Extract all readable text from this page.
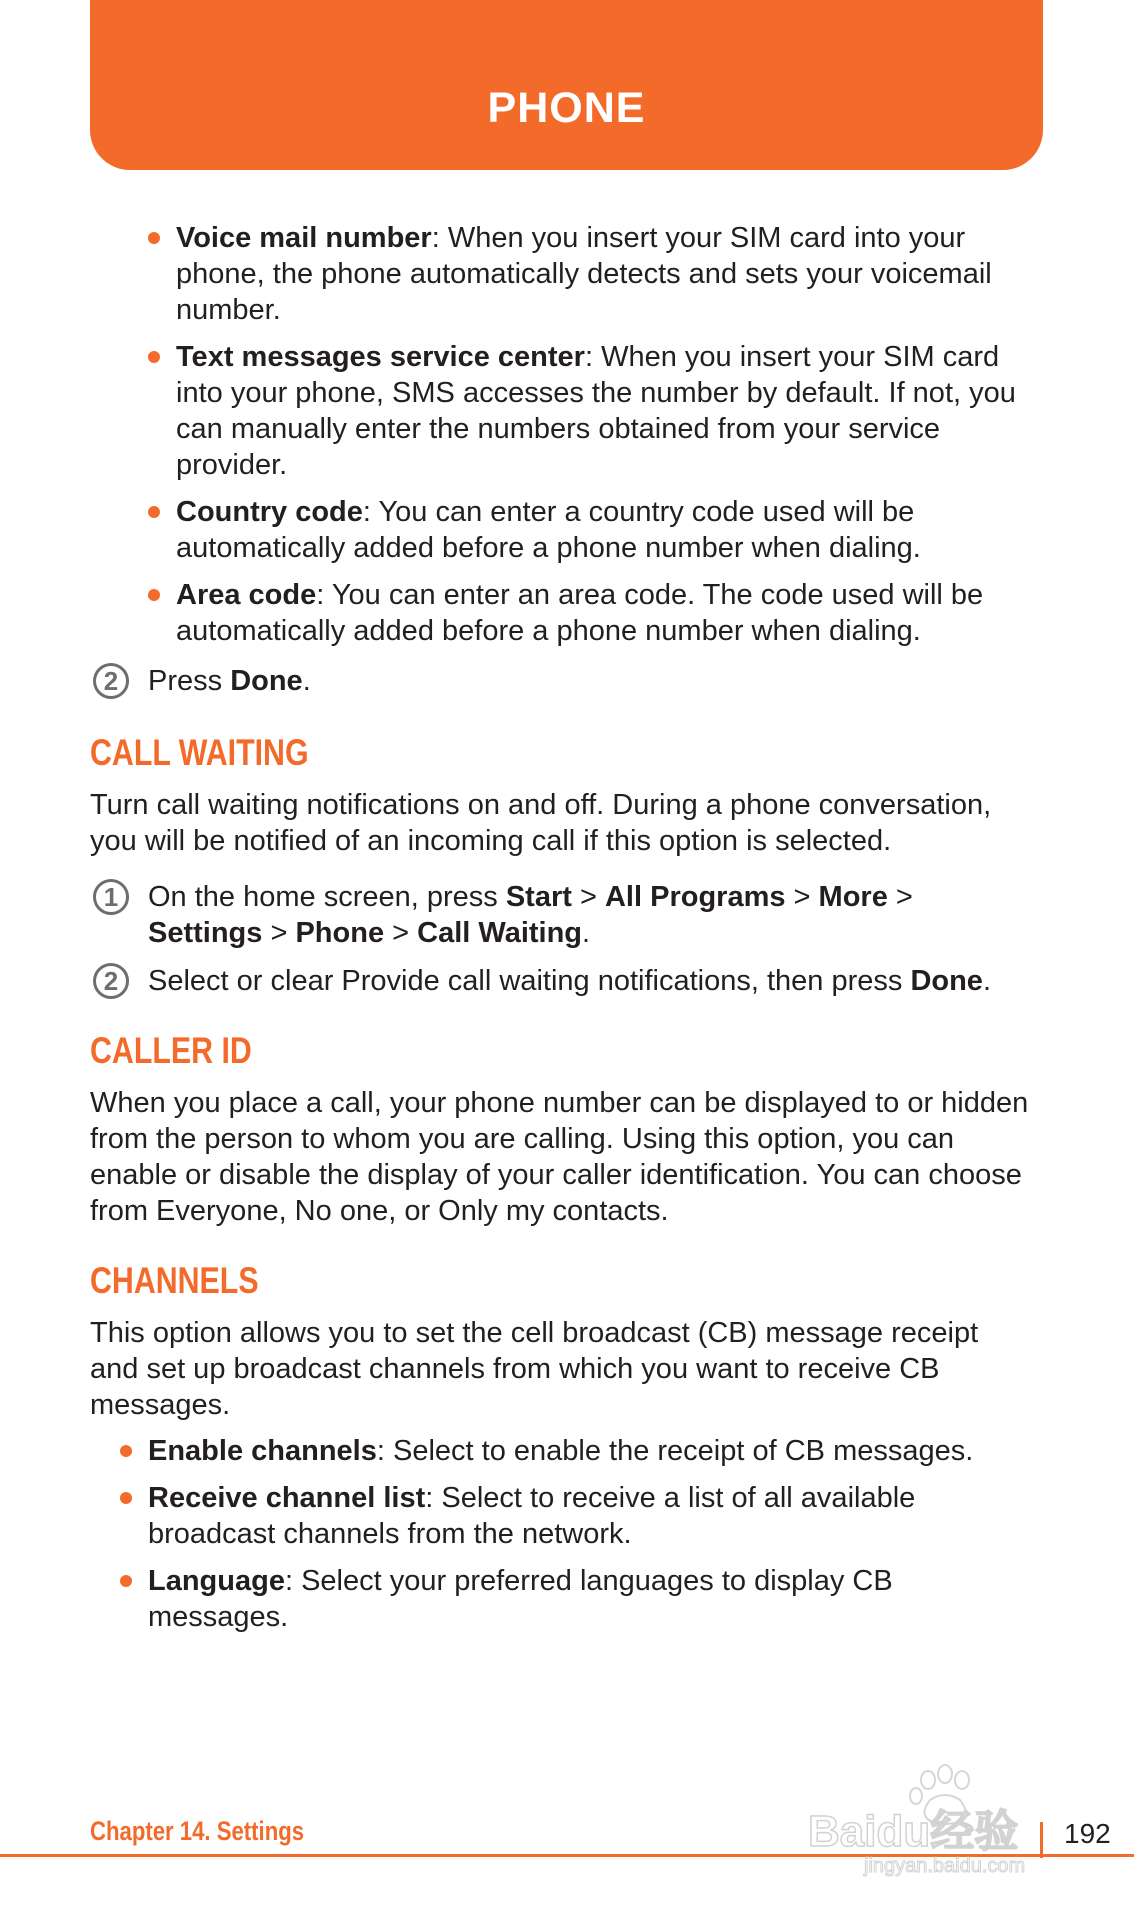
PHONE
Voice mail number: When you insert your SIM card into your phone, the phone automatically detects and sets your voicemail number.
Text messages service center: When you insert your SIM card into your phone, SMS accesses the number by default. If not, you can manually enter the numbers obtained from your service provider.
Country code: You can enter a country code used will be automatically added before a phone number when dialing.
Area code: You can enter an area code. The code used will be automatically added before a phone number when dialing.
2	Press Done.
CALL WAITING

Turn call waiting notifications on and off. During a phone conversation, you will be notified of an incoming call if this option is selected.

1	On the home screen, press Start > All Programs > More >
Settings > Phone > Call Waiting.
2	Select or clear Provide call waiting notifications, then press Done.
CALLER ID

When you place a call, your phone number can be displayed to or hidden from the person to whom you are calling. Using this option, you can enable or disable the display of your caller identification. You can choose from Everyone, No one, or Only my contacts.

CHANNELS

This option allows you to set the cell broadcast (CB) message receipt and set up broadcast channels from which you want to receive CB messages.

Enable channels: Select to enable the receipt of CB messages.
Receive channel list: Select to receive a list of all available broadcast channels from the network.
Language: Select your preferred languages to display CB messages.
Chapter 14. Settings	192
Baidu经验
jingyan.baidu.com
